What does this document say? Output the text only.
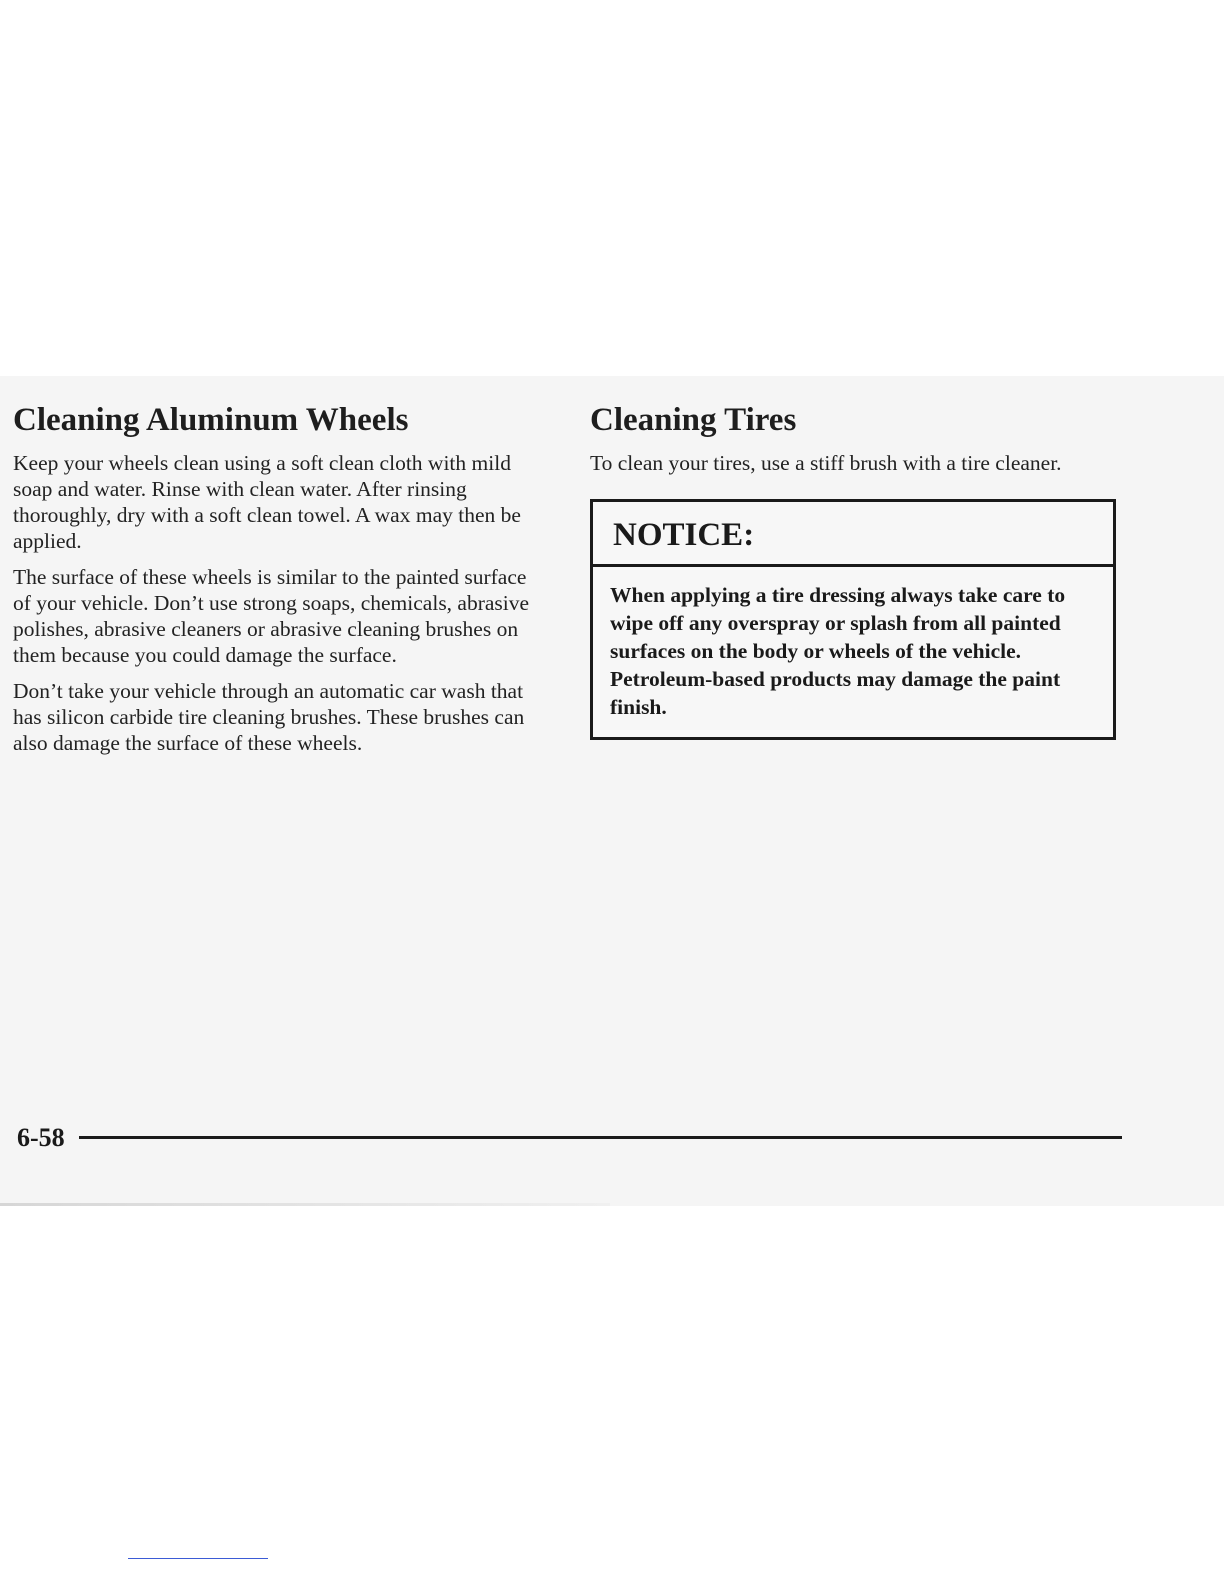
Cleaning Aluminum Wheels

Keep your wheels clean using a soft clean cloth with mild soap and water. Rinse with clean water. After rinsing thoroughly, dry with a soft clean towel. A wax may then be applied.

The surface of these wheels is similar to the painted surface of your vehicle. Don’t use strong soaps, chemicals, abrasive polishes, abrasive cleaners or abrasive cleaning brushes on them because you could damage the surface.

Don’t take your vehicle through an automatic car wash that has silicon carbide tire cleaning brushes. These brushes can also damage the surface of these wheels.

Cleaning Tires

To clean your tires, use a stiff brush with a tire cleaner.

NOTICE:
When applying a tire dressing always take care to wipe off any overspray or splash from all painted surfaces on the body or wheels of the vehicle. Petroleum-based products may damage the paint finish.
6-58
